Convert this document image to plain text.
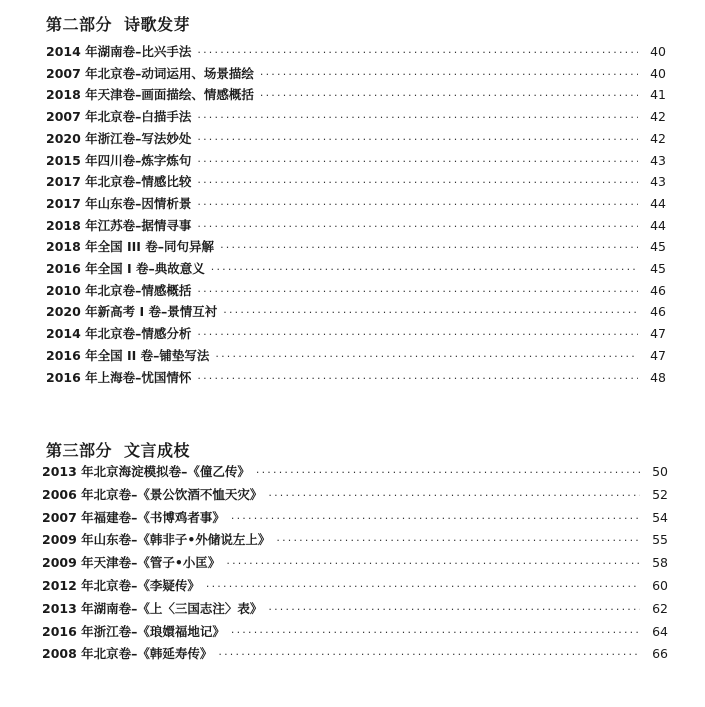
第二部分 诗歌发芽
2014 年湖南卷–比兴手法 ·····	40
2007 年北京卷–动词运用、场景描绘 ·····	40
2018 年天津卷–画面描绘、情感概括 ·····	41
2007 年北京卷–白描手法 ·····	42
2020 年浙江卷–写法妙处 ·····	42
2015 年四川卷–炼字炼句 ·····	43
2017 年北京卷–情感比较 ·····	43
2017 年山东卷–因情析景 ·····	44
2018 年江苏卷–据情寻事 ·····	44
2018 年全国 III 卷–同句异解 ·····	45
2016 年全国 I 卷–典故意义 ·····	45
2010 年北京卷–情感概括 ·····	46
2020 年新高考 I 卷–景情互衬 ·····	46
2014 年北京卷–情感分析 ·····	47
2016 年全国 II 卷–铺垫写法 ·····	47
2016 年上海卷–忧国情怀 ·····	48
第三部分 文言成枝
2013 年北京海淀模拟卷–《僮乙传》 ·····	50
2006 年北京卷–《景公饮酒不恤天灾》 ·····	52
2007 年福建卷–《书博鸡者事》 ·····	54
2009 年山东卷–《韩非子•外储说左上》 ·····	55
2009 年天津卷–《管子•小匡》 ·····	58
2012 年北京卷–《李疑传》 ·····	60
2013 年湖南卷–《上〈三国志注〉表》 ·····	62
2016 年浙江卷–《琅嬛福地记》 ·····	64
2008 年北京卷–《韩延寿传》 ·····	66
